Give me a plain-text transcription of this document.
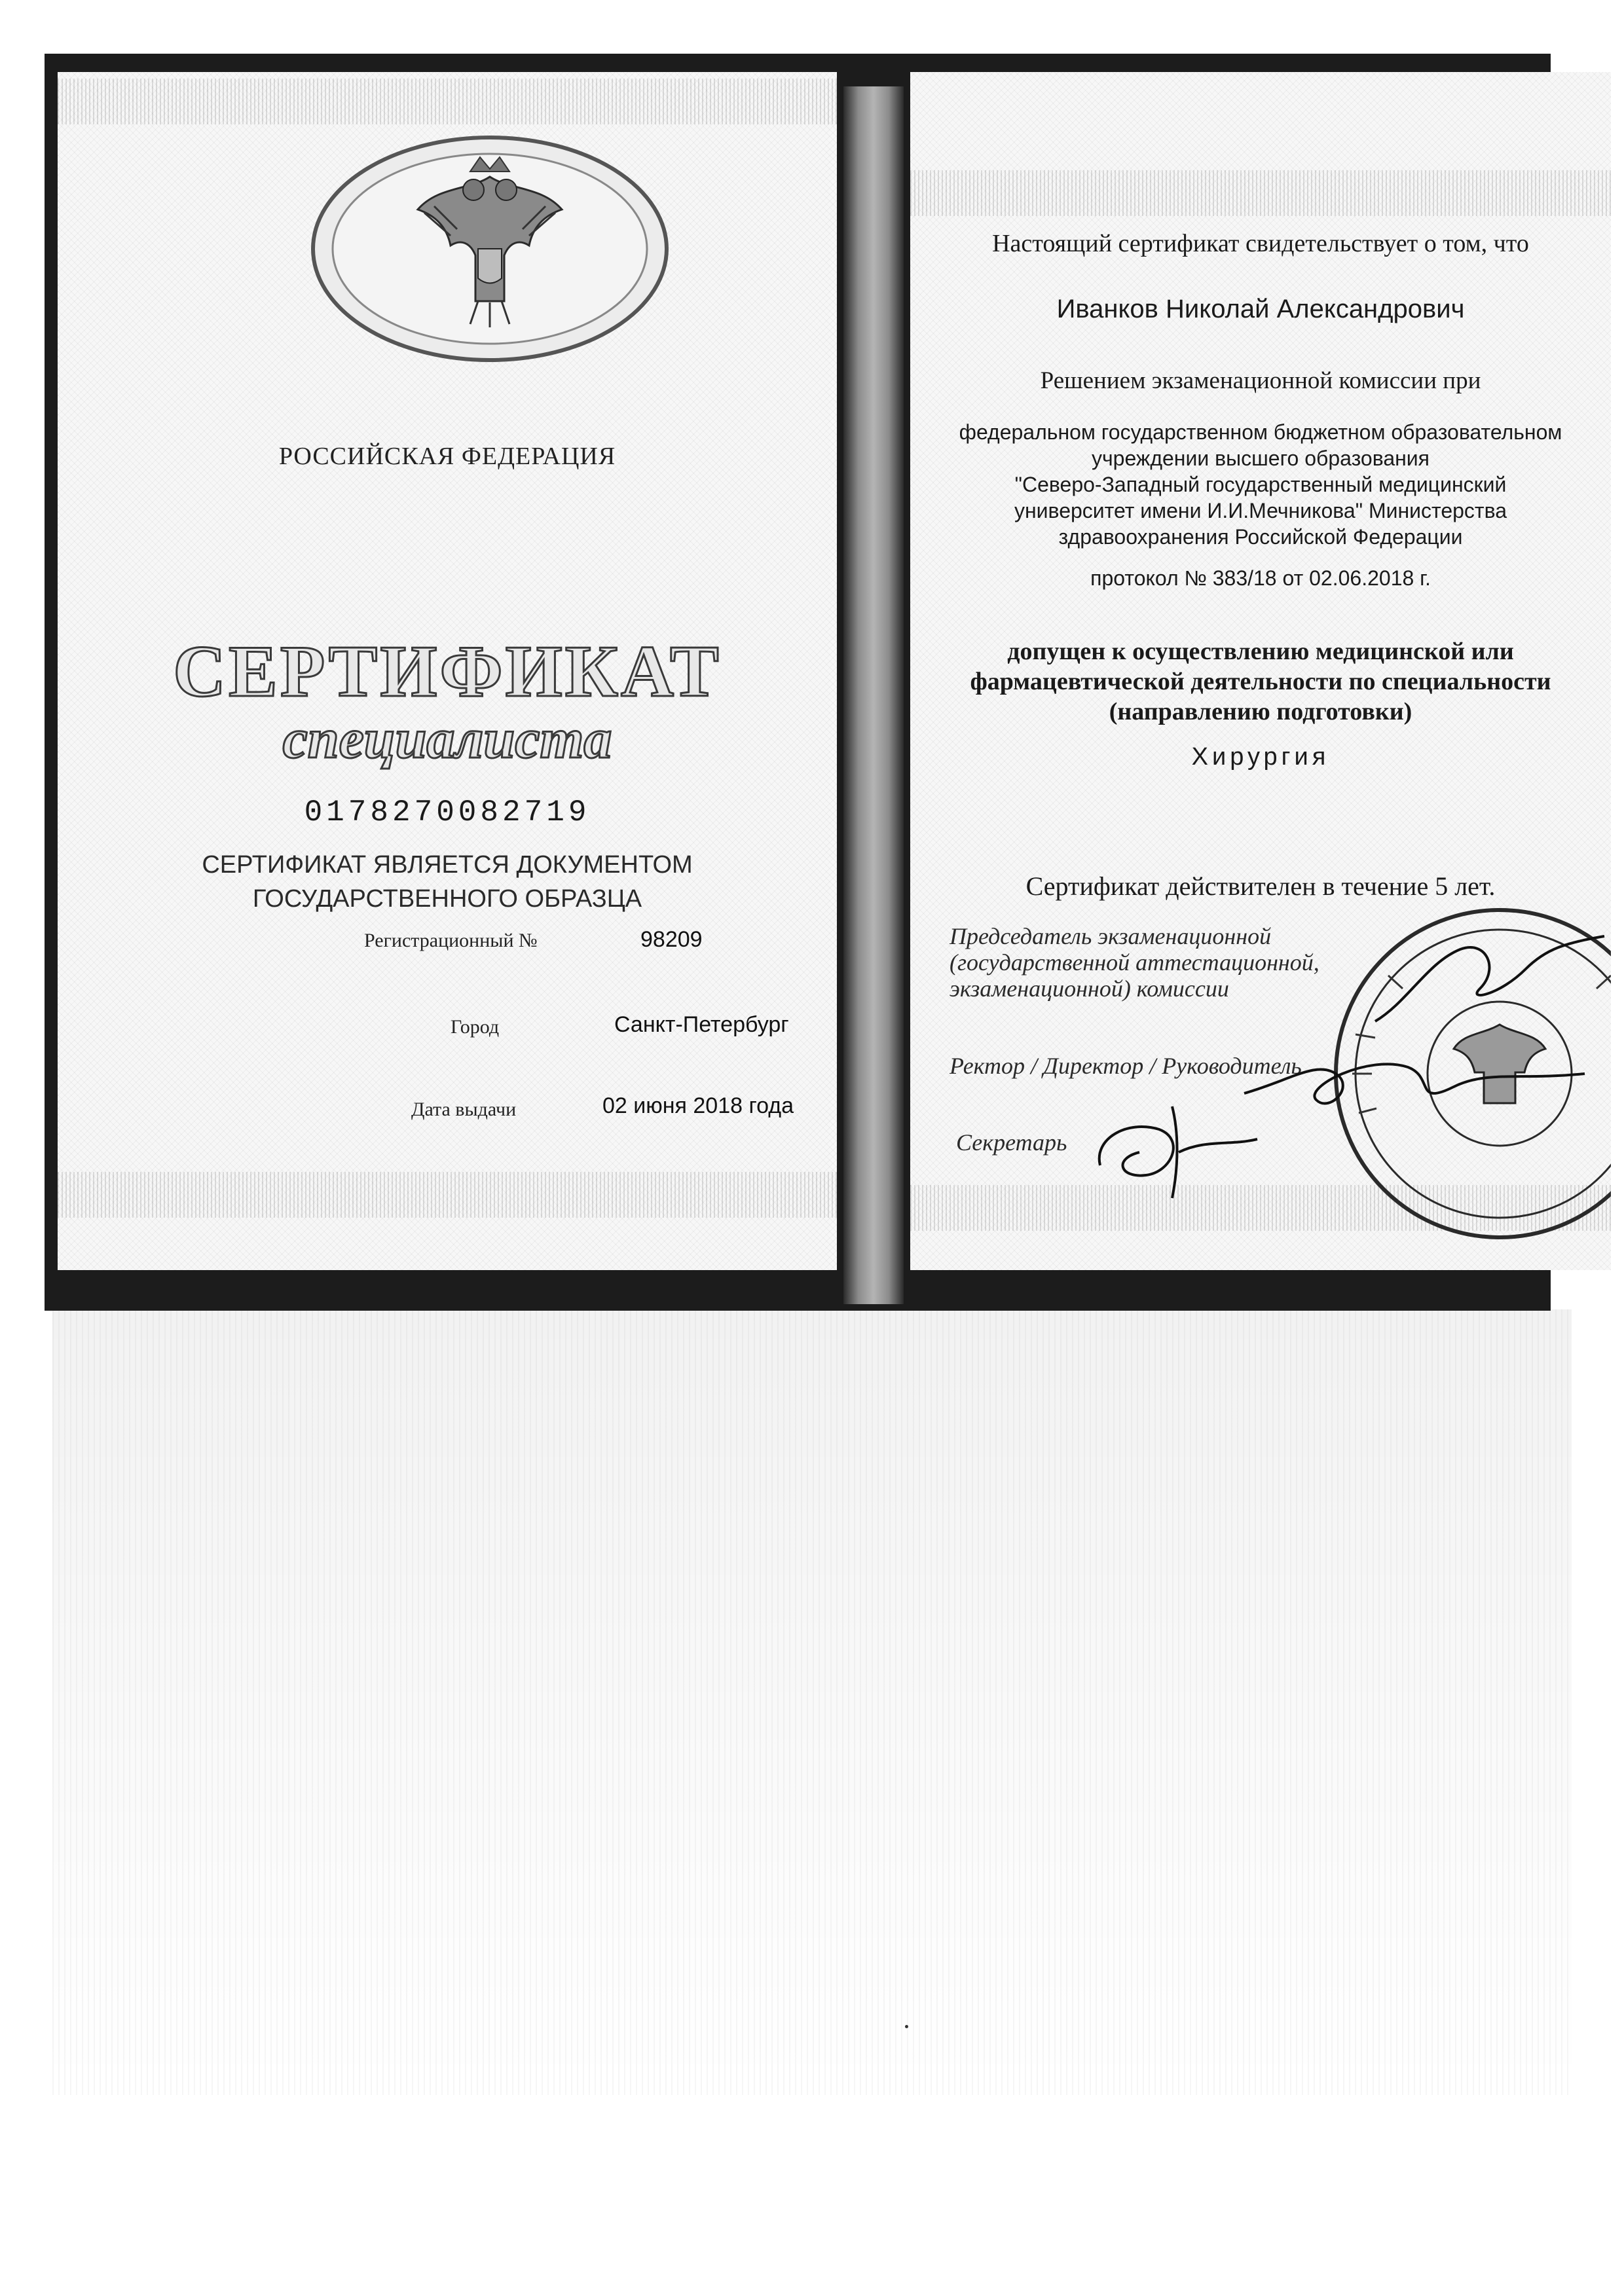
РОССИЙСКАЯ ФЕДЕРАЦИЯ
СЕРТИФИКАТ
специалиста
0178270082719
СЕРТИФИКАТ ЯВЛЯЕТСЯ ДОКУМЕНТОМ
ГОСУДАРСТВЕННОГО ОБРАЗЦА
Регистрационный №	98209
Город	Санкт-Петербург
Дата выдачи	02 июня 2018 года
Настоящий сертификат свидетельствует о том, что
Иванков Николай Александрович
Решением экзаменационной комиссии при
федеральном государственном бюджетном образовательном
учреждении высшего образования
"Северо-Западный государственный медицинский
университет имени И.И.Мечникова" Министерства
здравоохранения Российской Федерации
протокол № 383/18 от 02.06.2018 г.
допущен к осуществлению медицинской или
фармацевтической деятельности по специальности
(направлению подготовки)
Хирургия
Сертификат действителен в течение 5 лет.
Председатель экзаменационной
(государственной аттестационной,
экзаменационной) комиссии
Ректор / Директор / Руководитель
Секретарь
